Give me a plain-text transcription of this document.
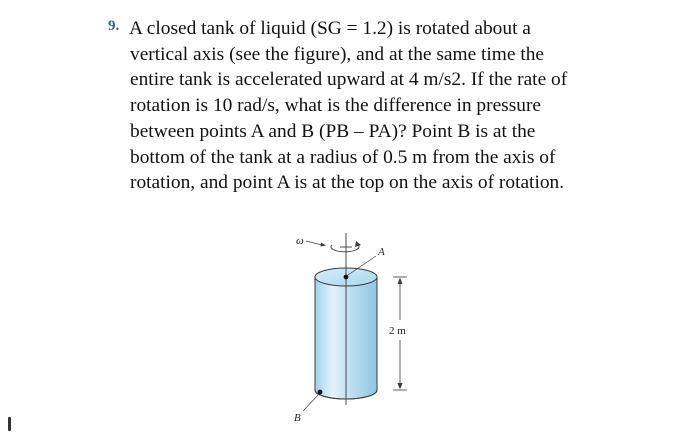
9. A closed tank of liquid (SG = 1.2) is rotated about a
vertical axis (see the figure), and at the same time the
entire tank is accelerated upward at 4 m/s2. If the rate of
rotation is 10 rad/s, what is the difference in pressure
between points A and B (PB – PA)? Point B is at the
bottom of the tank at a radius of 0.5 m from the axis of
rotation, and point A is at the top on the axis of rotation.
ω
A
B
2 m
